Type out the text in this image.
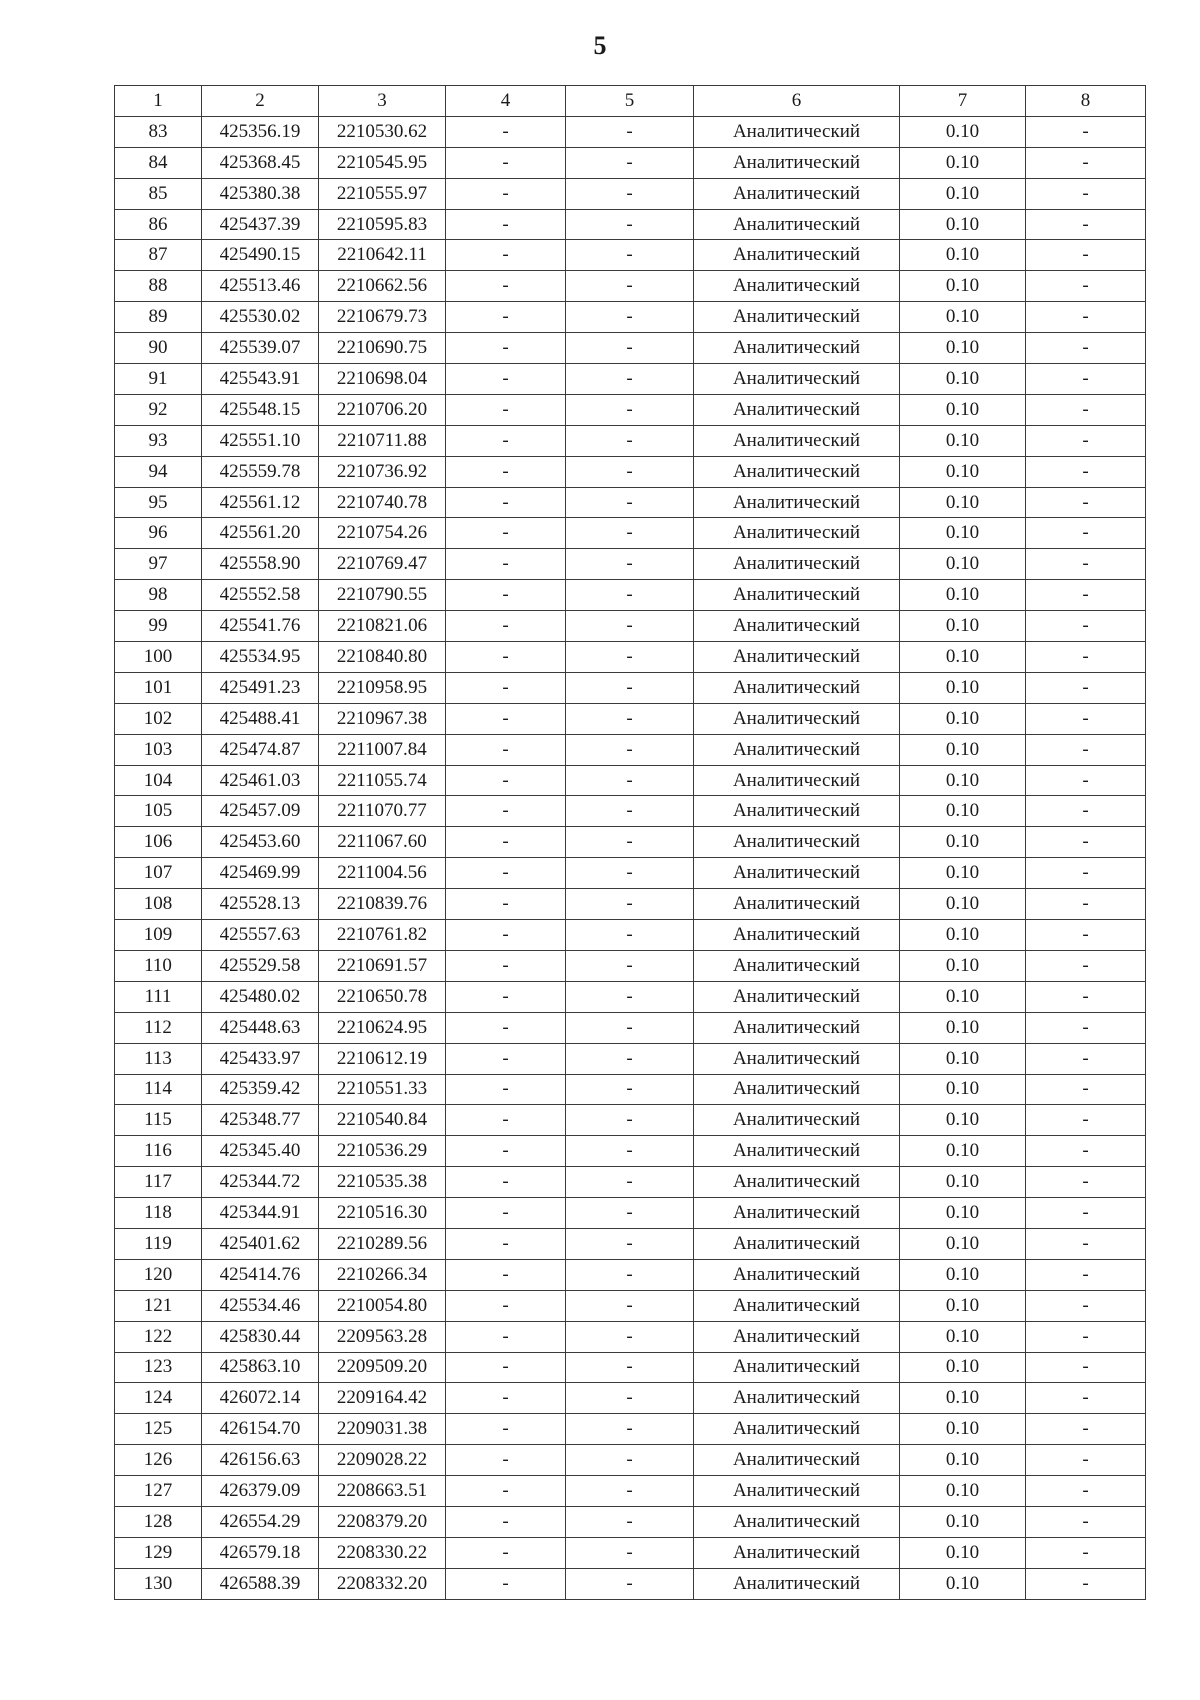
5
1	2	3	4	5	6	7	8
83	425356.19	2210530.62	-	-	Аналитический	0.10	-
84	425368.45	2210545.95	-	-	Аналитический	0.10	-
85	425380.38	2210555.97	-	-	Аналитический	0.10	-
86	425437.39	2210595.83	-	-	Аналитический	0.10	-
87	425490.15	2210642.11	-	-	Аналитический	0.10	-
88	425513.46	2210662.56	-	-	Аналитический	0.10	-
89	425530.02	2210679.73	-	-	Аналитический	0.10	-
90	425539.07	2210690.75	-	-	Аналитический	0.10	-
91	425543.91	2210698.04	-	-	Аналитический	0.10	-
92	425548.15	2210706.20	-	-	Аналитический	0.10	-
93	425551.10	2210711.88	-	-	Аналитический	0.10	-
94	425559.78	2210736.92	-	-	Аналитический	0.10	-
95	425561.12	2210740.78	-	-	Аналитический	0.10	-
96	425561.20	2210754.26	-	-	Аналитический	0.10	-
97	425558.90	2210769.47	-	-	Аналитический	0.10	-
98	425552.58	2210790.55	-	-	Аналитический	0.10	-
99	425541.76	2210821.06	-	-	Аналитический	0.10	-
100	425534.95	2210840.80	-	-	Аналитический	0.10	-
101	425491.23	2210958.95	-	-	Аналитический	0.10	-
102	425488.41	2210967.38	-	-	Аналитический	0.10	-
103	425474.87	2211007.84	-	-	Аналитический	0.10	-
104	425461.03	2211055.74	-	-	Аналитический	0.10	-
105	425457.09	2211070.77	-	-	Аналитический	0.10	-
106	425453.60	2211067.60	-	-	Аналитический	0.10	-
107	425469.99	2211004.56	-	-	Аналитический	0.10	-
108	425528.13	2210839.76	-	-	Аналитический	0.10	-
109	425557.63	2210761.82	-	-	Аналитический	0.10	-
110	425529.58	2210691.57	-	-	Аналитический	0.10	-
111	425480.02	2210650.78	-	-	Аналитический	0.10	-
112	425448.63	2210624.95	-	-	Аналитический	0.10	-
113	425433.97	2210612.19	-	-	Аналитический	0.10	-
114	425359.42	2210551.33	-	-	Аналитический	0.10	-
115	425348.77	2210540.84	-	-	Аналитический	0.10	-
116	425345.40	2210536.29	-	-	Аналитический	0.10	-
117	425344.72	2210535.38	-	-	Аналитический	0.10	-
118	425344.91	2210516.30	-	-	Аналитический	0.10	-
119	425401.62	2210289.56	-	-	Аналитический	0.10	-
120	425414.76	2210266.34	-	-	Аналитический	0.10	-
121	425534.46	2210054.80	-	-	Аналитический	0.10	-
122	425830.44	2209563.28	-	-	Аналитический	0.10	-
123	425863.10	2209509.20	-	-	Аналитический	0.10	-
124	426072.14	2209164.42	-	-	Аналитический	0.10	-
125	426154.70	2209031.38	-	-	Аналитический	0.10	-
126	426156.63	2209028.22	-	-	Аналитический	0.10	-
127	426379.09	2208663.51	-	-	Аналитический	0.10	-
128	426554.29	2208379.20	-	-	Аналитический	0.10	-
129	426579.18	2208330.22	-	-	Аналитический	0.10	-
130	426588.39	2208332.20	-	-	Аналитический	0.10	-
